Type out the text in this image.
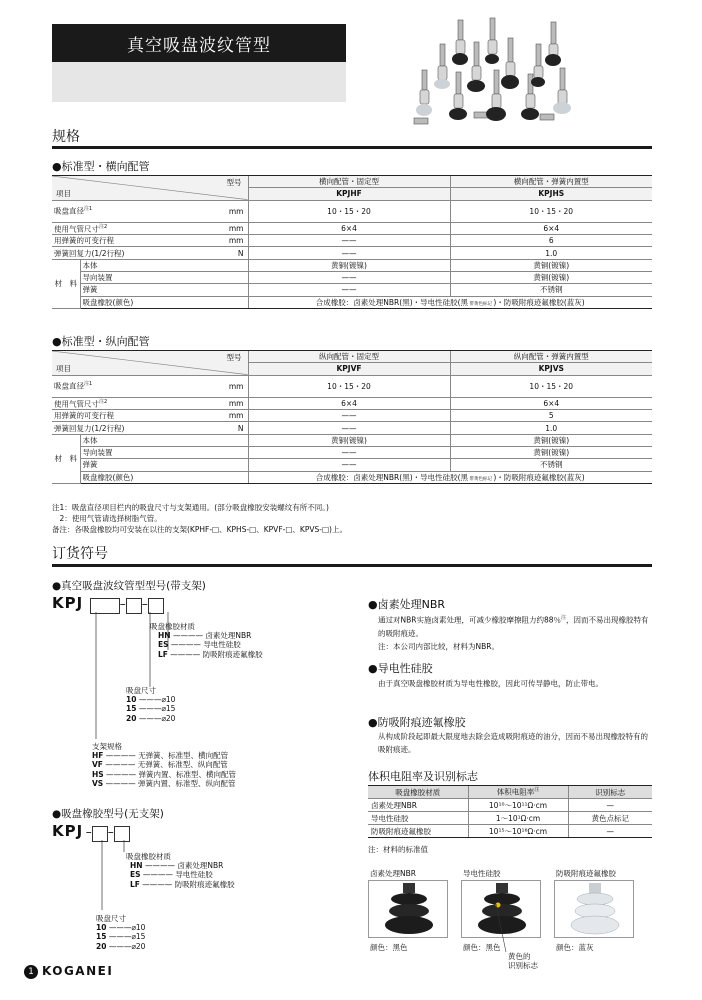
真空吸盘波纹管型
规格
●标准型・横向配管
型号
项目			横向配管・固定型	横向配管・弹簧内置型
			KPJHF	KPJHS
吸盘直径$^{注1}$		mm	10・15・20	10・15・20
使用气管尺寸$^{注2}$		mm	6×4	6×4
用弹簧的可变行程		mm	——	6
弹簧回复力(1/2行程)		N	——	1.0
材　料	本体		黄铜(镀镍)	黄铜(镀镍)
	导向装置		——	黄铜(镀镍)
	弹簧		——	不锈钢
	吸盘橡胶(颜色)		合成橡胶：卤素处理NBR(黑)・导电性硅胶(黑 带黄色标记 )・防吸附痕迹氟橡胶(蓝灰)	
●标准型・纵向配管
型号
项目			纵向配管・固定型	纵向配管・弹簧内置型
			KPJVF	KPJVS
吸盘直径$^{注1}$		mm	10・15・20	10・15・20
使用气管尺寸$^{注2}$		mm	6×4	6×4
用弹簧的可变行程		mm	——	5
弹簧回复力(1/2行程)		N	——	1.0
材　料	本体		黄铜(镀镍)	黄铜(镀镍)
	导向装置		——	黄铜(镀镍)
	弹簧		——	不锈钢
	吸盘橡胶(颜色)		合成橡胶：卤素处理NBR(黑)・导电性硅胶(黑 带黄色标记 )・防吸附痕迹氟橡胶(蓝灰)	
注1：吸盘直径项目栏内的吸盘尺寸与支架通用。(部分吸盘橡胶安装螺纹有所不同。)
　2：使用气管请选择树脂气管。
备注：各吸盘橡胶均可安装在以往的支架(KPHF-□、KPHS-□、KPVF-□、KPVS-□)上。
订货符号
●真空吸盘波纹管型型号(带支架)
KPJ	– –
吸盘橡胶材质
HN ———— 卤素处理NBR
ES ———— 导电性硅胶
LF ———— 防吸附痕迹氟橡胶
吸盘尺寸
10 ———⌀10
15 ———⌀15
20 ———⌀20
支架规格
HF ———— 无弹簧、标准型、横向配管
VF ———— 无弹簧、标准型、纵向配管
HS ———— 弹簧内置、标准型、横向配管
VS ———— 弹簧内置、标准型、纵向配管
●吸盘橡胶型号(无支架)
KPJ – –
吸盘橡胶材质
HN ———— 卤素处理NBR
ES ———— 导电性硅胶
LF ———— 防吸附痕迹氟橡胶
吸盘尺寸
10 ———⌀10
15 ———⌀15
20 ———⌀20
●卤素处理NBR
通过对NBR实施卤素处理，可减少橡胶摩擦阻力约88％$^注$，因而不易出现橡胶特有的吸附痕迹。
注：本公司内部比较，材料为NBR。
●导电性硅胶
由于真空吸盘橡胶材质为导电性橡胶，因此可传导静电，防止带电。
●防吸附痕迹氟橡胶
从构成阶段起即最大限度地去除会造成吸附痕迹的油分，因而不易出现橡胶特有的吸附痕迹。
体积电阻率及识别标志
吸盘橡胶材质	体积电阻率$^注$	识别标志
卤素处理NBR	10¹⁰～10¹¹Ω·cm	—
导电性硅胶	1～10¹Ω·cm	黄色点标记
防吸附痕迹氟橡胶	10¹⁵～10¹⁶Ω·cm	—
注：材料的标准值
卤素处理NBR	导电性硅胶	防吸附痕迹氟橡胶
颜色：黑色	颜色：黑色	颜色：蓝灰
黄色的
识别标志
1 KOGANEI
